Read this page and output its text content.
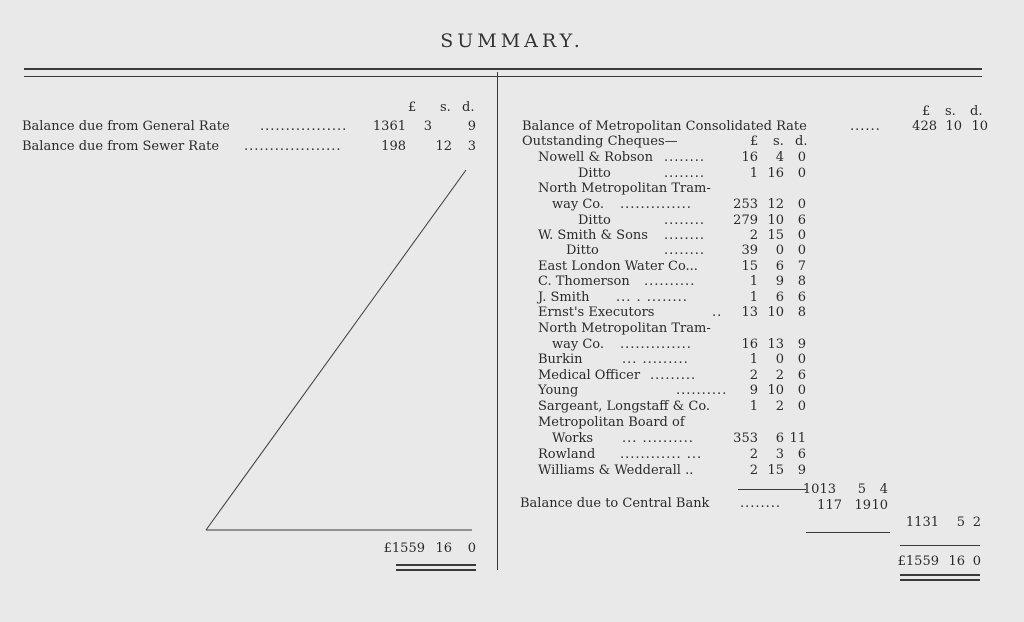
SUMMARY.
£ s. d.
Balance due from General Rate ................. 1361 3	9
Balance due from Sewer Rate ...................	198 12 3
£1559 16 0
£ s. d.
Balance of Metropolitan Consolidated Rate	...... 428 10 10
Outstanding Cheques—	£ s. d.
Nowell & Robson ........	16 4 0
Ditto	........	1 16 0
North Metropolitan Tram-
way Co. ..............	253 12 0
Ditto	........ 279 10 6
W. Smith & Sons ........	2 15 0
Ditto	........	39 0 0
East London Water Co...	15 6 7
C. Thomerson ..........	1 9 8
J. Smith ... . ........	1 6 6
Ernst's Executors	.. 13 10 8
North Metropolitan Tram-
way Co. ..............	16 13 9
Burkin	... .........	1 0 0
Medical Officer .........	2 2 6
Young	.......... 9 10 0
Sargeant, Longstaff & Co.	1 2 0
Metropolitan Board of
Works ... ..........	353 6 11
Rowland ............ ...	2 3 6
Williams & Wedderall ..	2 15 9
1013 5 4
Balance due to Central Bank ........	117 19 10
1131 5 2
£1559 16 0
